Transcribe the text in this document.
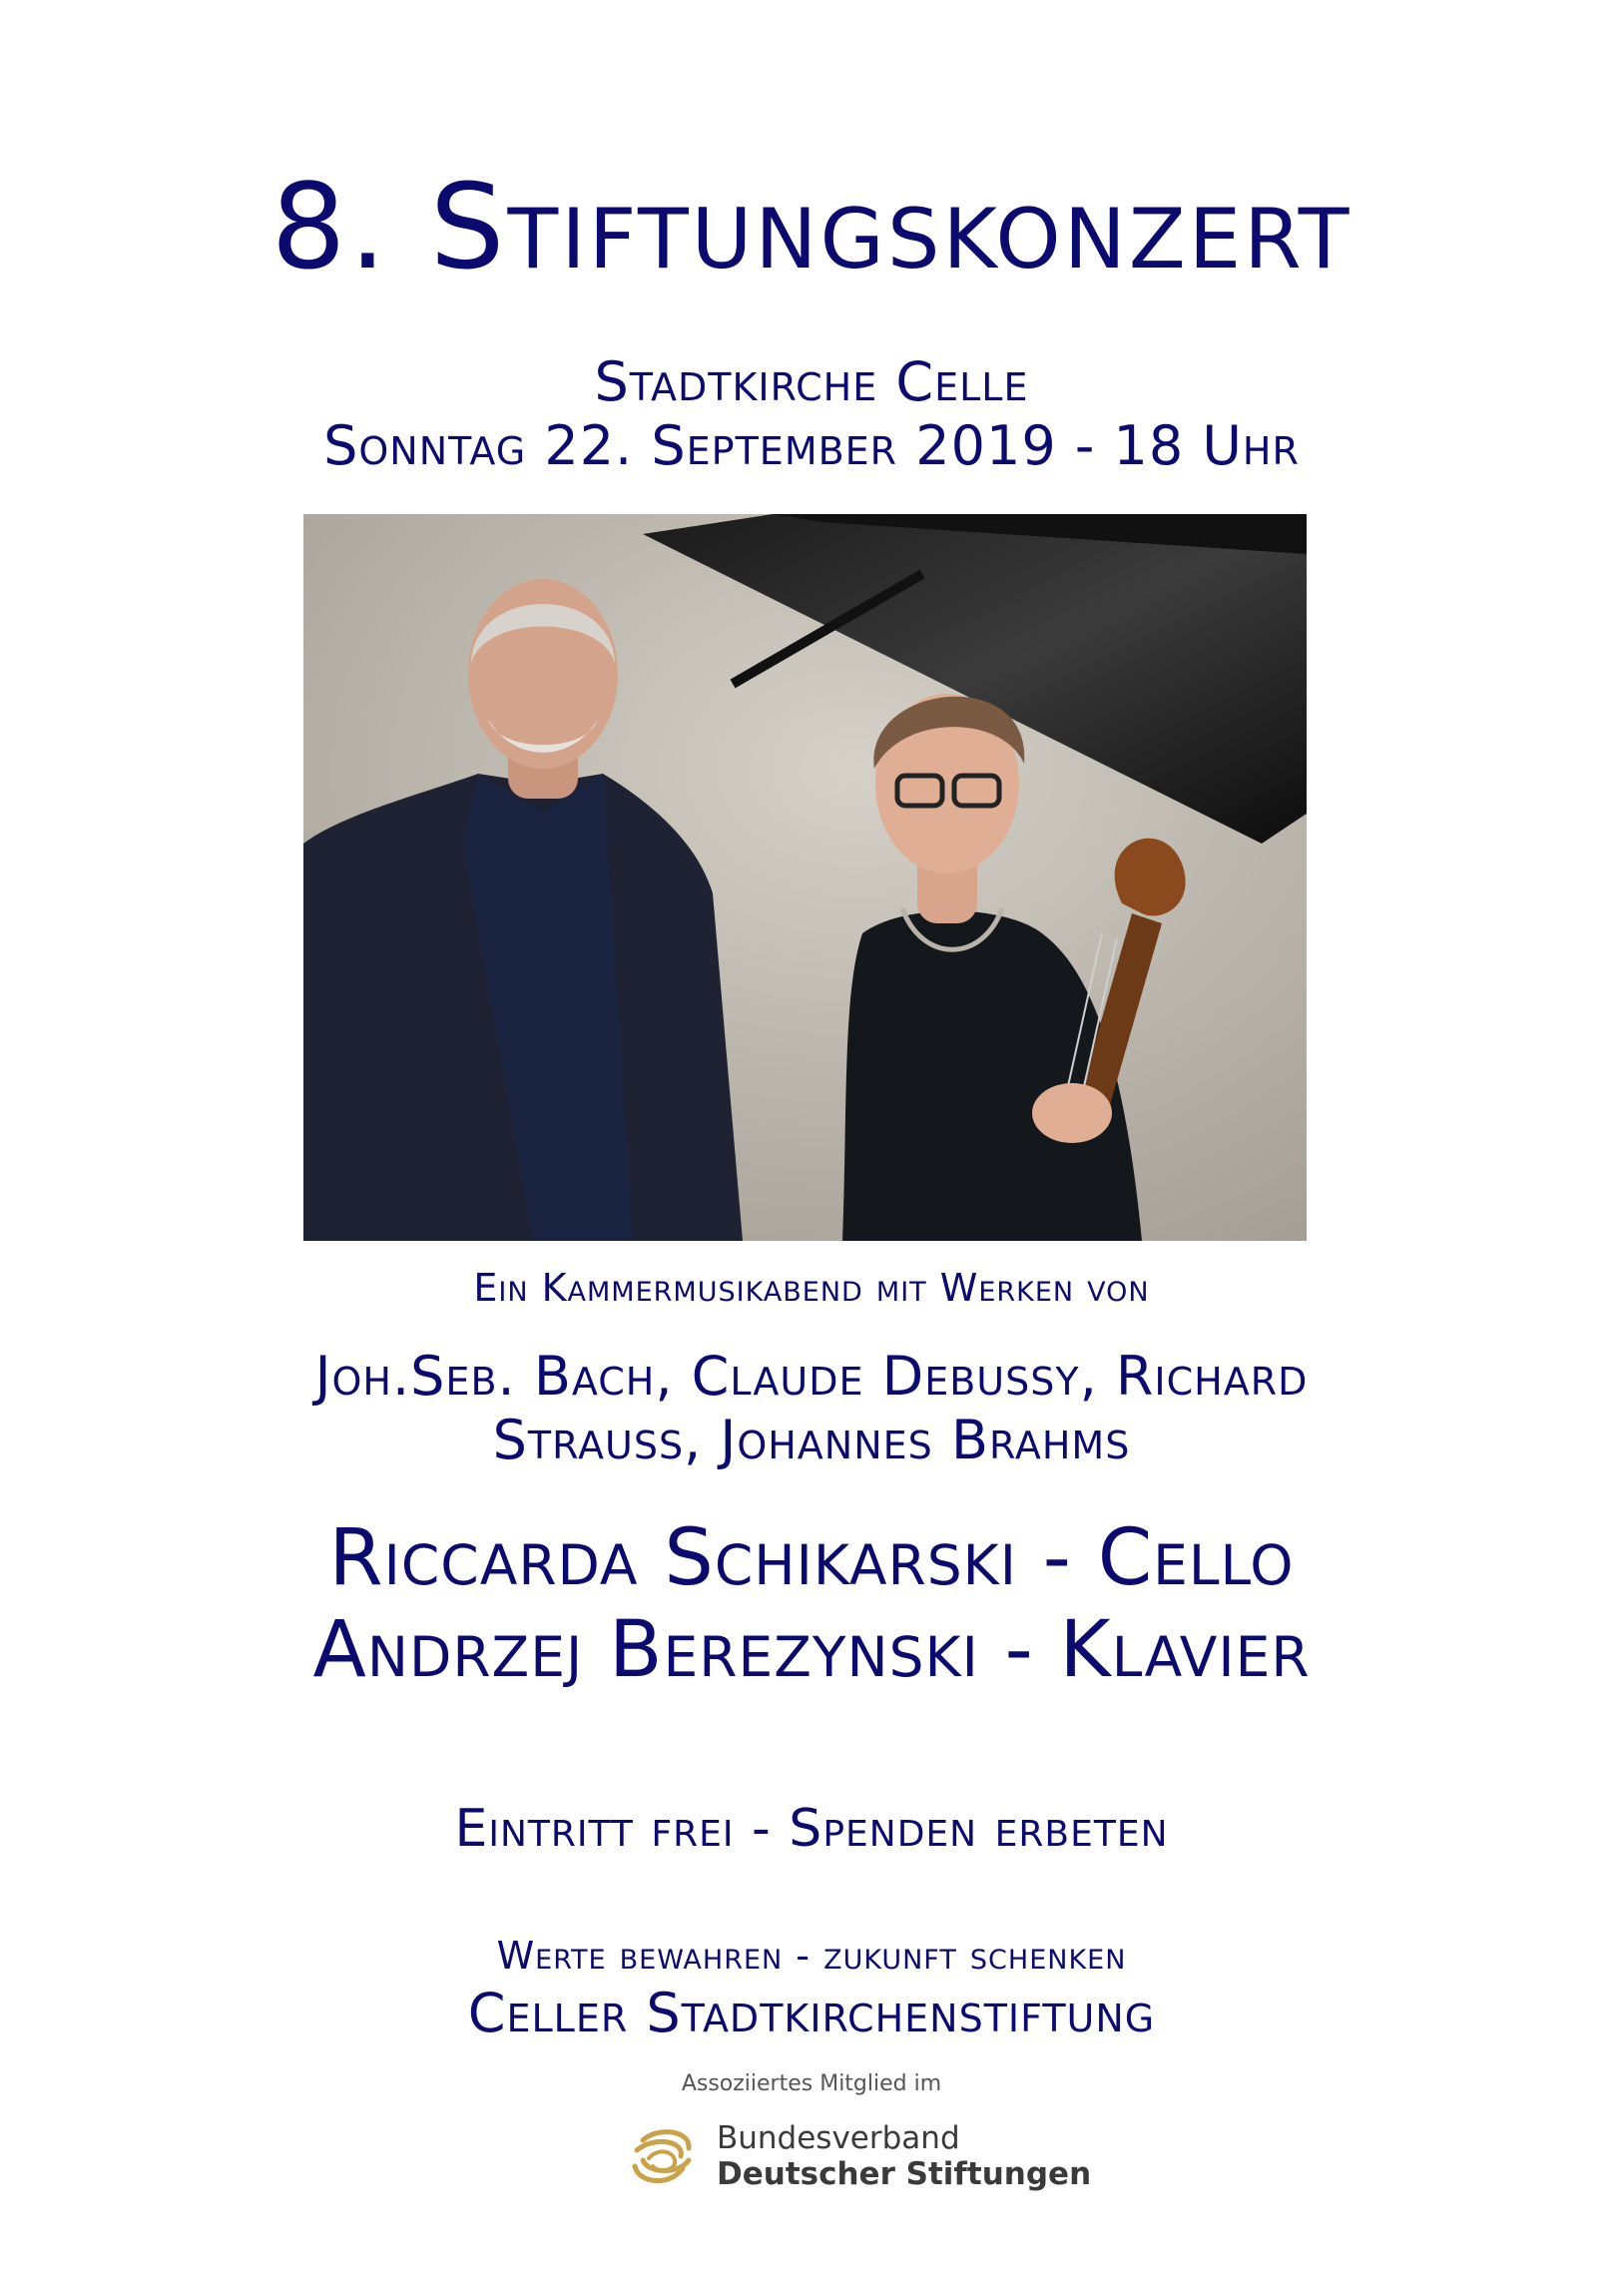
8. Stiftungskonzert
Stadtkirche Celle
Sonntag 22. September 2019 - 18 Uhr
Ein Kammermusikabend mit Werken von
Joh.Seb. Bach, Claude Debussy, Richard
Strauss, Johannes Brahms
Riccarda Schikarski - Cello
Andrzej Berezynski - Klavier
Eintritt frei - Spenden erbeten
Werte bewahren - zukunft schenken
Celler Stadtkirchenstiftung
Assoziiertes Mitglied im
Bundesverband
Deutscher Stiftungen
